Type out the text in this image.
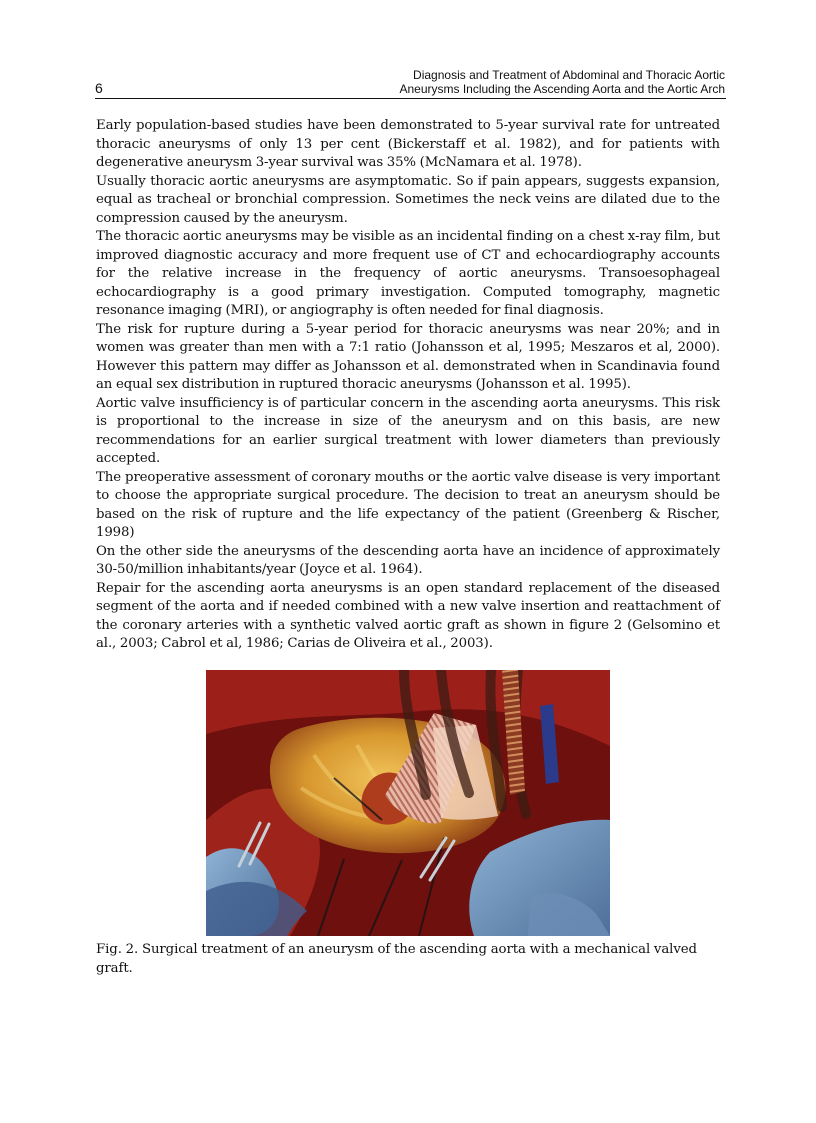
6
Diagnosis and Treatment of Abdominal and Thoracic Aortic
Aneurysms Including the Ascending Aorta and the Aortic Arch

Early population-based studies have been demonstrated to 5-year survival rate for untreated thoracic aneurysms of only 13 per cent (Bickerstaff et al. 1982), and for patients with degenerative aneurysm 3-year survival was 35% (McNamara et al. 1978).

Usually thoracic aortic aneurysms are asymptomatic. So if pain appears, suggests expansion, equal as tracheal or bronchial compression. Sometimes the neck veins are dilated due to the compression caused by the aneurysm.

The thoracic aortic aneurysms may be visible as an incidental finding on a chest x-ray film, but improved diagnostic accuracy and more frequent use of CT and echocardiography accounts for the relative increase in the frequency of aortic aneurysms. Transoesophageal echocardiography is a good primary investigation. Computed tomography, magnetic resonance imaging (MRI), or angiography is often needed for final diagnosis.

The risk for rupture during a 5-year period for thoracic aneurysms was near 20%; and in women was greater than men with a 7:1 ratio (Johansson et al, 1995; Meszaros et al, 2000). However this pattern may differ as Johansson et al. demonstrated when in Scandinavia found an equal sex distribution in ruptured thoracic aneurysms (Johansson et al. 1995).

Aortic valve insufficiency is of particular concern in the ascending aorta aneurysms. This risk is proportional to the increase in size of the aneurysm and on this basis, are new recommendations for an earlier surgical treatment with lower diameters than previously accepted.

The preoperative assessment of coronary mouths or the aortic valve disease is very important to choose the appropriate surgical procedure. The decision to treat an aneurysm should be based on the risk of rupture and the life expectancy of the patient (Greenberg & Rischer, 1998)

On the other side the aneurysms of the descending aorta have an incidence of approximately 30-50/million inhabitants/year (Joyce et al. 1964).

Repair for the ascending aorta aneurysms is an open standard replacement of the diseased segment of the aorta and if needed combined with a new valve insertion and reattachment of the coronary arteries with a synthetic valved aortic graft as shown in figure 2 (Gelsomino et al., 2003; Cabrol et al, 1986; Carias de Oliveira et al., 2003).

Fig. 2. Surgical treatment of an aneurysm of the ascending aorta with a mechanical valved graft.
